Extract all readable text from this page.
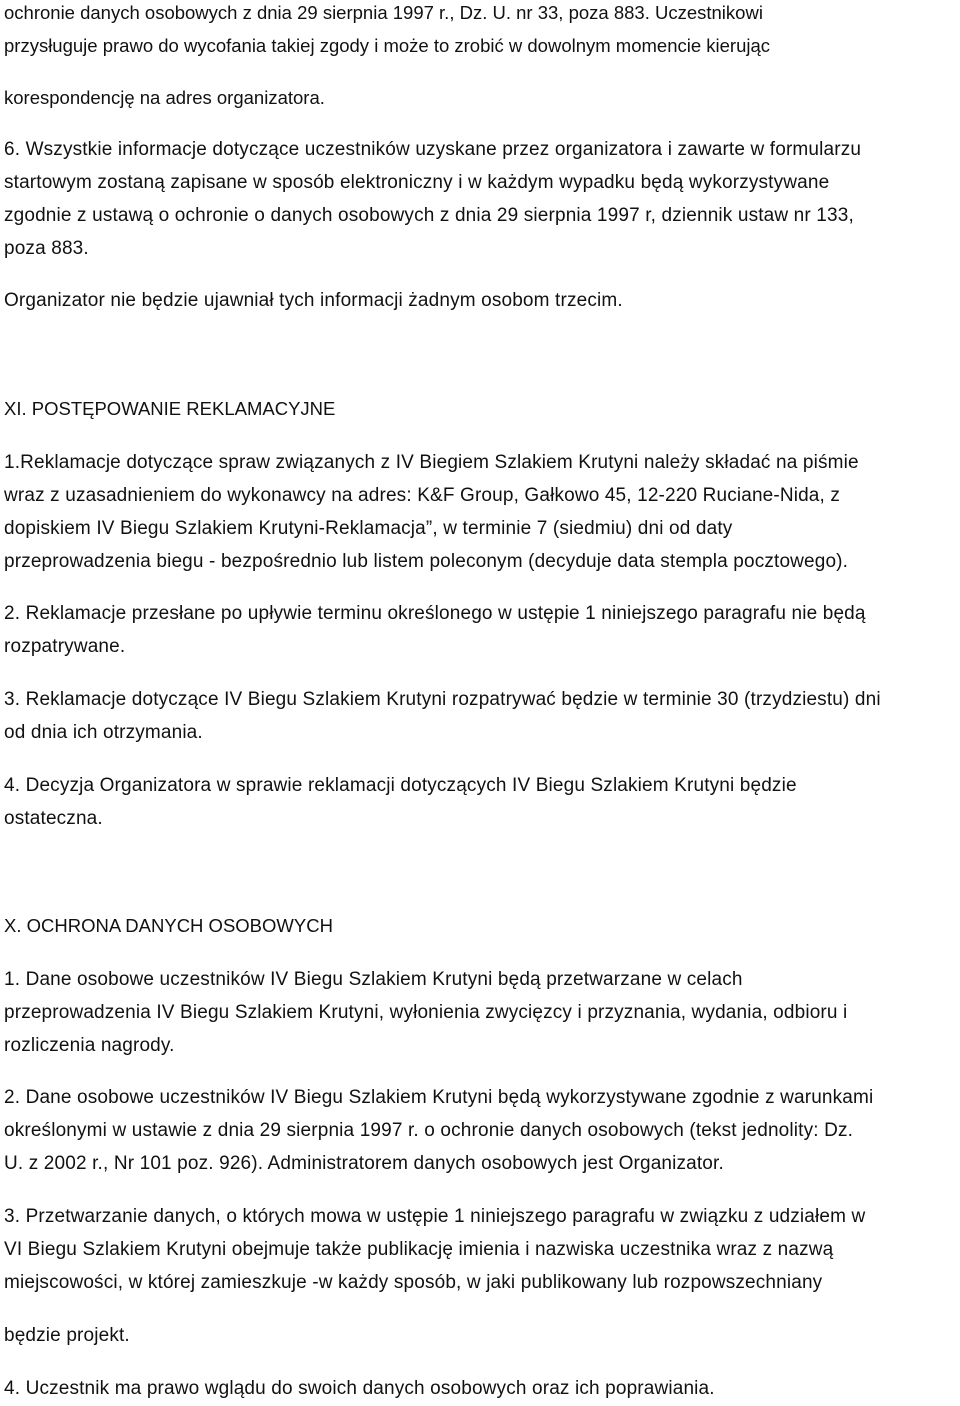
ochronie danych osobowych z dnia 29 sierpnia 1997 r., Dz. U. nr 33, poza 883. Uczestnikowi
przysługuje prawo do wycofania takiej zgody i może to zrobić w dowolnym momencie kierując
korespondencję na adres organizatora.
6. Wszystkie informacje dotyczące uczestników uzyskane przez organizatora i zawarte w formularzu
startowym zostaną zapisane w sposób elektroniczny i w każdym wypadku będą wykorzystywane
zgodnie z ustawą o ochronie o danych osobowych z dnia 29 sierpnia 1997 r, dziennik ustaw nr 133,
poza 883.
Organizator nie będzie ujawniał tych informacji żadnym osobom trzecim.
XI. POSTĘPOWANIE REKLAMACYJNE
1.Reklamacje dotyczące spraw związanych z IV Biegiem Szlakiem Krutyni należy składać na piśmie
wraz z uzasadnieniem do wykonawcy na adres: K&F Group, Gałkowo 45, 12-220 Ruciane-Nida, z
dopiskiem IV Biegu Szlakiem Krutyni-Reklamacja”, w terminie 7 (siedmiu) dni od daty
przeprowadzenia biegu - bezpośrednio lub listem poleconym (decyduje data stempla pocztowego).
2. Reklamacje przesłane po upływie terminu określonego w ustępie 1 niniejszego paragrafu nie będą
rozpatrywane.
3. Reklamacje dotyczące IV Biegu Szlakiem Krutyni rozpatrywać będzie w terminie 30 (trzydziestu) dni
od dnia ich otrzymania.
4. Decyzja Organizatora w sprawie reklamacji dotyczących IV Biegu Szlakiem Krutyni będzie
ostateczna.
X. OCHRONA DANYCH OSOBOWYCH
1. Dane osobowe uczestników IV Biegu Szlakiem Krutyni będą przetwarzane w celach
przeprowadzenia IV Biegu Szlakiem Krutyni, wyłonienia zwycięzcy i przyznania, wydania, odbioru i
rozliczenia nagrody.
2. Dane osobowe uczestników IV Biegu Szlakiem Krutyni będą wykorzystywane zgodnie z warunkami
określonymi w ustawie z dnia 29 sierpnia 1997 r. o ochronie danych osobowych (tekst jednolity: Dz.
U. z 2002 r., Nr 101 poz. 926). Administratorem danych osobowych jest Organizator.
3. Przetwarzanie danych, o których mowa w ustępie 1 niniejszego paragrafu w związku z udziałem w
VI Biegu Szlakiem Krutyni obejmuje także publikację imienia i nazwiska uczestnika wraz z nazwą
miejscowości, w której zamieszkuje -w każdy sposób, w jaki publikowany lub rozpowszechniany
będzie projekt.
4. Uczestnik ma prawo wglądu do swoich danych osobowych oraz ich poprawiania.
